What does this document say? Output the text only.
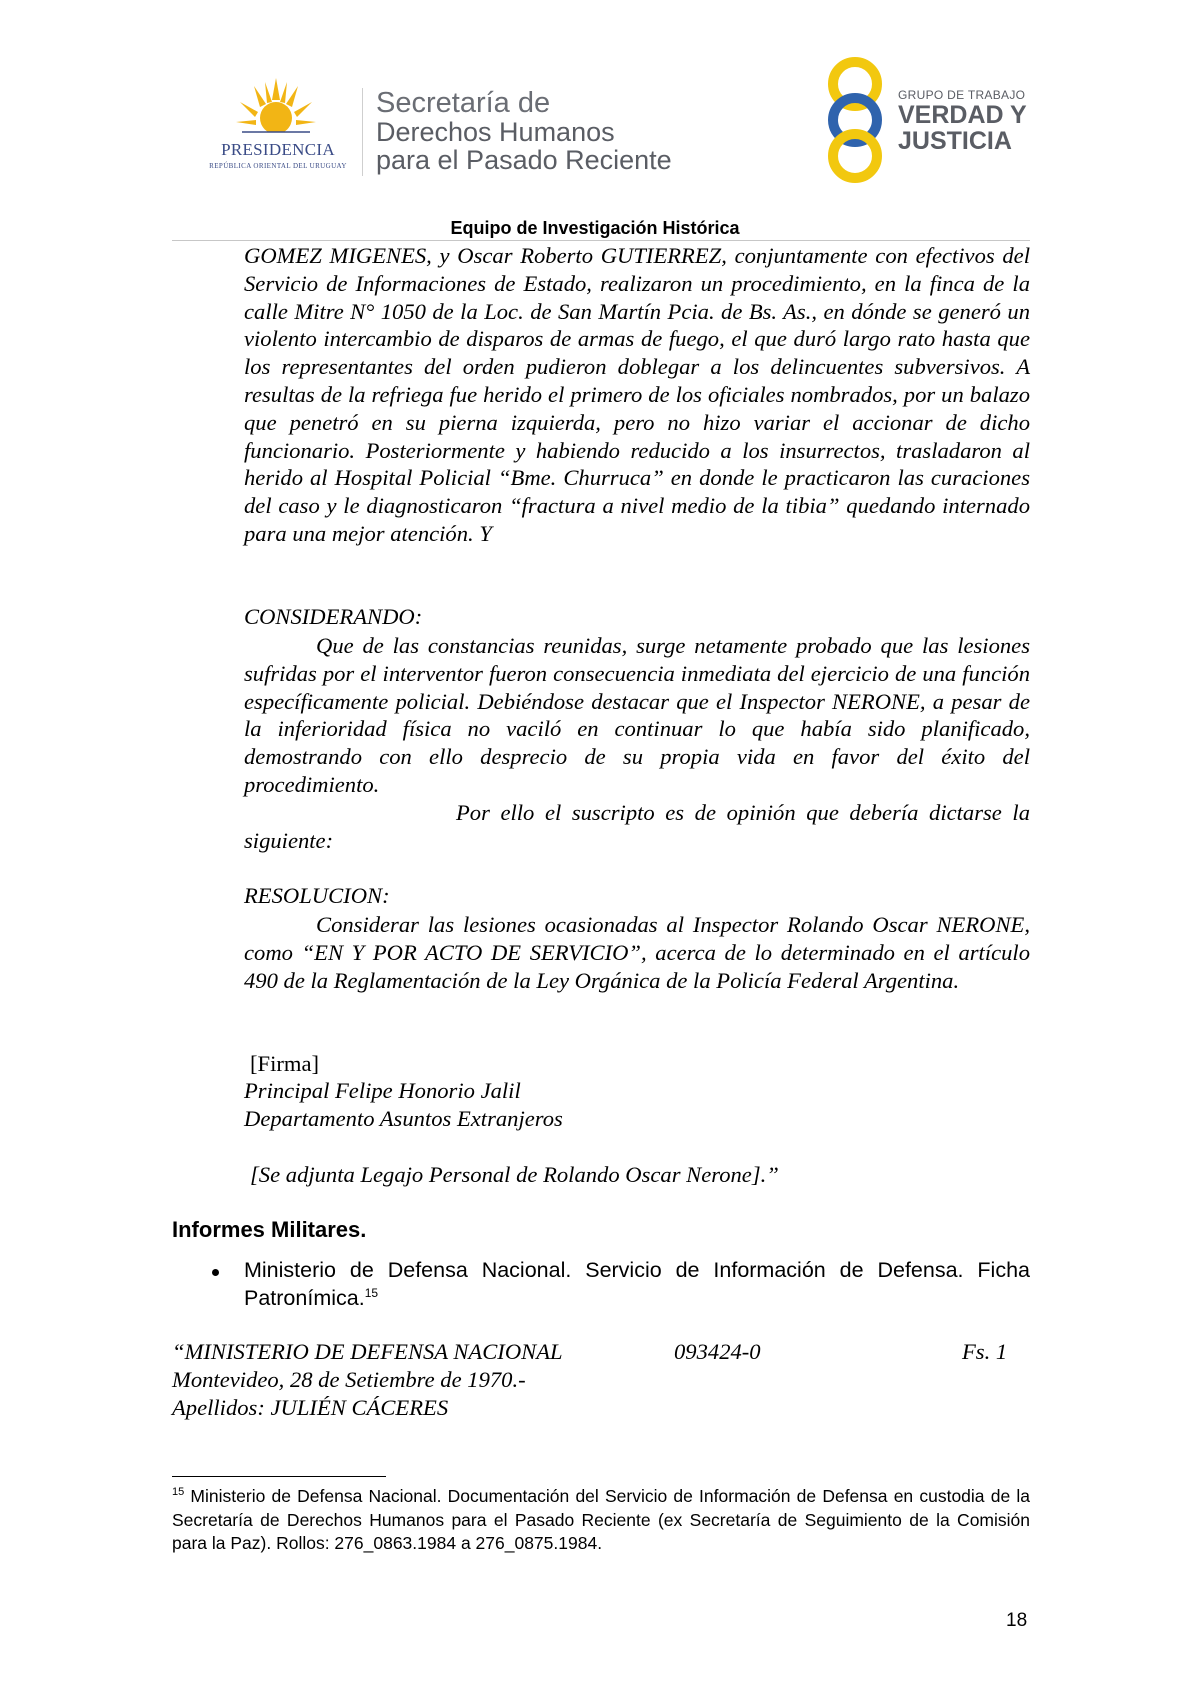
PRESIDENCIA
REPÚBLICA ORIENTAL DEL URUGUAY
Secretaría de
Derechos Humanos
para el Pasado Reciente
GRUPO DE TRABAJO
VERDAD Y
JUSTICIA
Equipo de Investigación Histórica
GOMEZ MIGENES, y Oscar Roberto GUTIERREZ, conjuntamente con efectivos del Servicio de Informaciones de Estado, realizaron un procedimiento, en la finca de la calle Mitre N° 1050 de la Loc. de San Martín Pcia. de Bs. As., en dónde se generó un violento intercambio de disparos de armas de fuego, el que duró largo rato hasta que los representantes del orden pudieron doblegar a los delincuentes subversivos. A resultas de la refriega fue herido el primero de los oficiales nombrados, por un balazo que penetró en su pierna izquierda, pero no hizo variar el accionar de dicho funcionario. Posteriormente y habiendo reducido a los insurrectos, trasladaron al herido al Hospital Policial “Bme. Churruca” en donde le practicaron las curaciones del caso y le diagnosticaron “fractura a nivel medio de la tibia” quedando internado para una mejor atención. Y
CONSIDERANDO:
Que de las constancias reunidas, surge netamente probado que las lesiones sufridas por el interventor fueron consecuencia inmediata del ejercicio de una función específicamente policial. Debiéndose destacar que el Inspector NERONE, a pesar de la inferioridad física no vaciló en continuar lo que había sido planificado, demostrando con ello desprecio de su propia vida en favor del éxito del procedimiento.
Por ello el suscripto es de opinión que debería dictarse la siguiente:
RESOLUCION:
Considerar las lesiones ocasionadas al Inspector Rolando Oscar NERONE, como “EN Y POR ACTO DE SERVICIO”, acerca de lo determinado en el artículo 490 de la Reglamentación de la Ley Orgánica de la Policía Federal Argentina.
[Firma]
Principal Felipe Honorio Jalil
Departamento Asuntos Extranjeros
[Se adjunta Legajo Personal de Rolando Oscar Nerone].”
Informes Militares.
Ministerio de Defensa Nacional. Servicio de Información de Defensa. Ficha Patronímica.$^{15}$
“MINISTERIO DE DEFENSA NACIONAL	093424-0	Fs. 1
Montevideo, 28 de Setiembre de 1970.-
Apellidos: JULIÉN CÁCERES
$^{15}$ Ministerio de Defensa Nacional. Documentación del Servicio de Información de Defensa en custodia de la Secretaría de Derechos Humanos para el Pasado Reciente (ex Secretaría de Seguimiento de la Comisión para la Paz). Rollos: 276_0863.1984 a 276_0875.1984.
18
